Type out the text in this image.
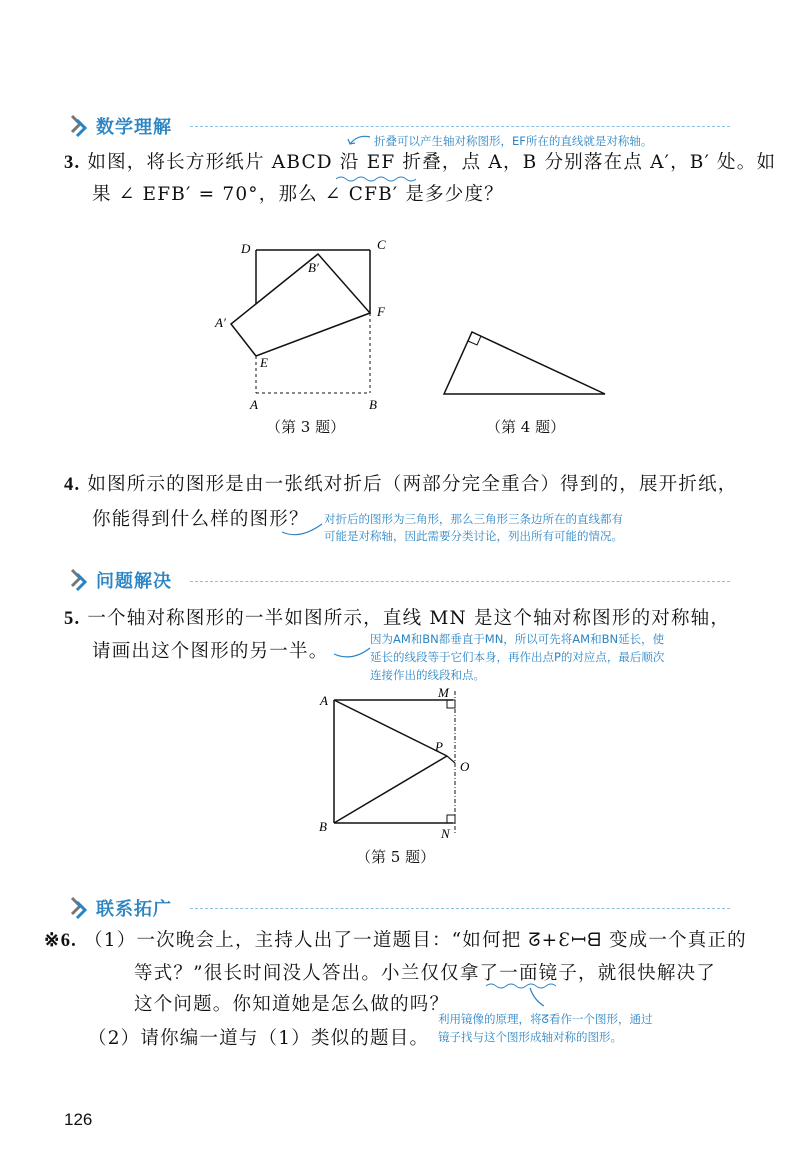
数学理解
折叠可以产生轴对称图形，EF所在的直线就是对称轴。
3. 如图，将长方形纸片 ABCD 沿 EF 折叠，点 A，B 分别落在点 A′，B′ 处。如
果 ∠ EFB′ = 70°，那么 ∠ CFB′ 是多少度？
D	C
B′
A′
F
E
A	B
（第 3 题）	（第 4 题）
4. 如图所示的图形是由一张纸对折后（两部分完全重合）得到的，展开折纸，
你能得到什么样的图形？ 对折后的图形为三角形，那么三角形三条边所在的直线都有
可能是对称轴，因此需要分类讨论，列出所有可能的情况。
问题解决
5. 一个轴对称图形的一半如图所示，直线 MN 是这个轴对称图形的对称轴，
请画出这个图形的另一半。
因为AM和BN都垂直于MN，所以可先将AM和BN延长，使
延长的线段等于它们本身，再作出点P的对应点，最后顺次
连接作出的线段和点。
A
M
P
O
B	N
（第 5 题）
联系拓广
※6. （1）一次晚会上，主持人出了一道题目：“如何把 ᘔ+Ɛꟷᗺ 变成一个真正的
等式？”很长时间没人答出。小兰仅仅拿了一面镜子，就很快解决了
这个问题。你知道她是怎么做的吗？
（2）请你编一道与（1）类似的题目。
利用镜像的原理，将ᘔ看作一个图形，通过
镜子找与这个图形成轴对称的图形。
126
